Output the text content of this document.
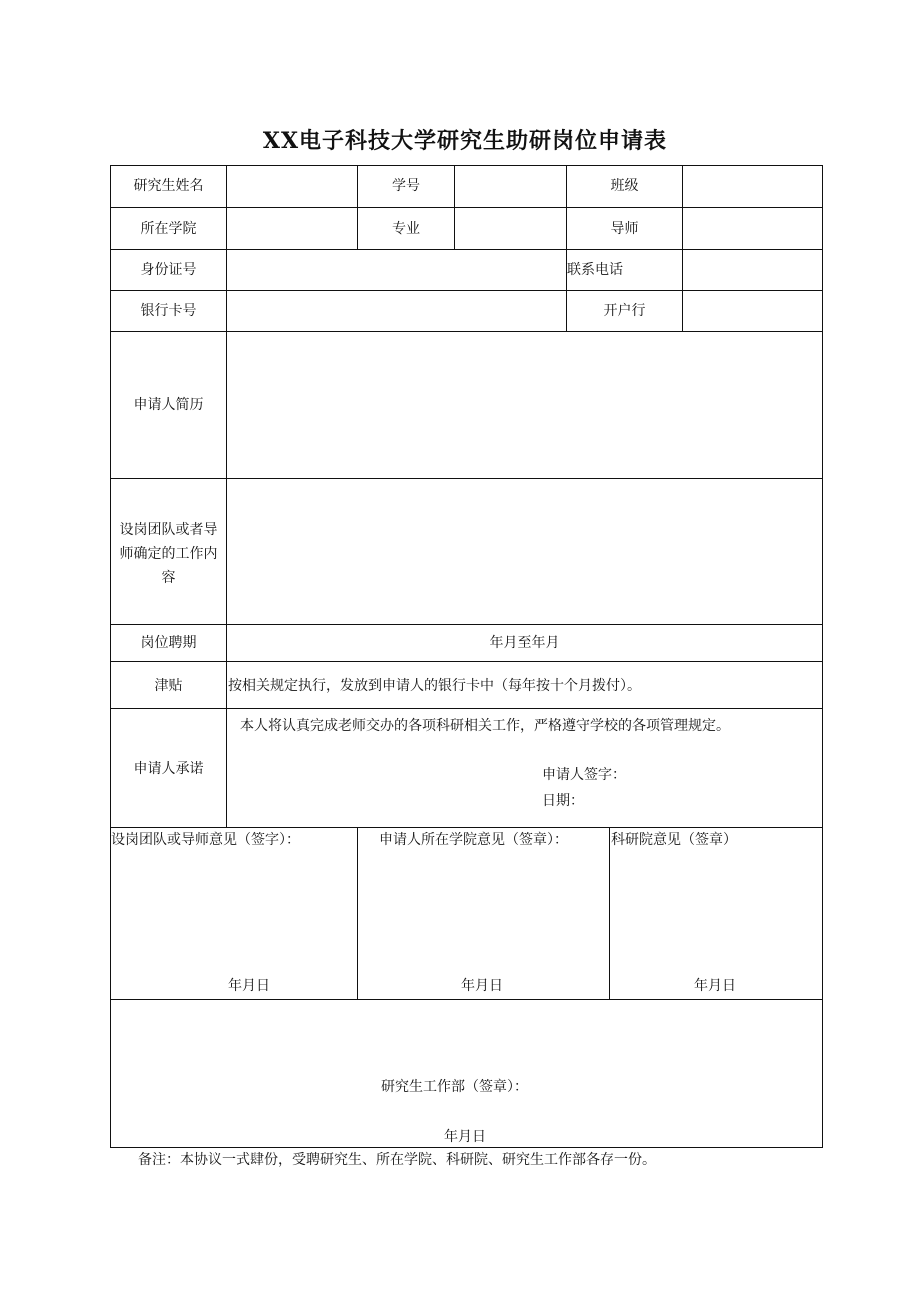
XX电子科技大学研究生助研岗位申请表
研究生姓名	学号	班级
所在学院	专业	导师
身份证号	联系电话
银行卡号	开户行
申请人简历
设岗团队或者导
师确定的工作内
容
岗位聘期	年月至年月
津贴	按相关规定执行，发放到申请人的银行卡中（每年按十个月拨付）。
申请人承诺
本人将认真完成老师交办的各项科研相关工作，严格遵守学校的各项管理规定。
申请人签字：
日期：
设岗团队或导师意见（签字）：	申请人所在学院意见（签章）：	科研院意见（签章）
年月日	年月日	年月日
研究生工作部（签章）：
年月日
备注：本协议一式肆份，受聘研究生、所在学院、科研院、研究生工作部各存一份。
